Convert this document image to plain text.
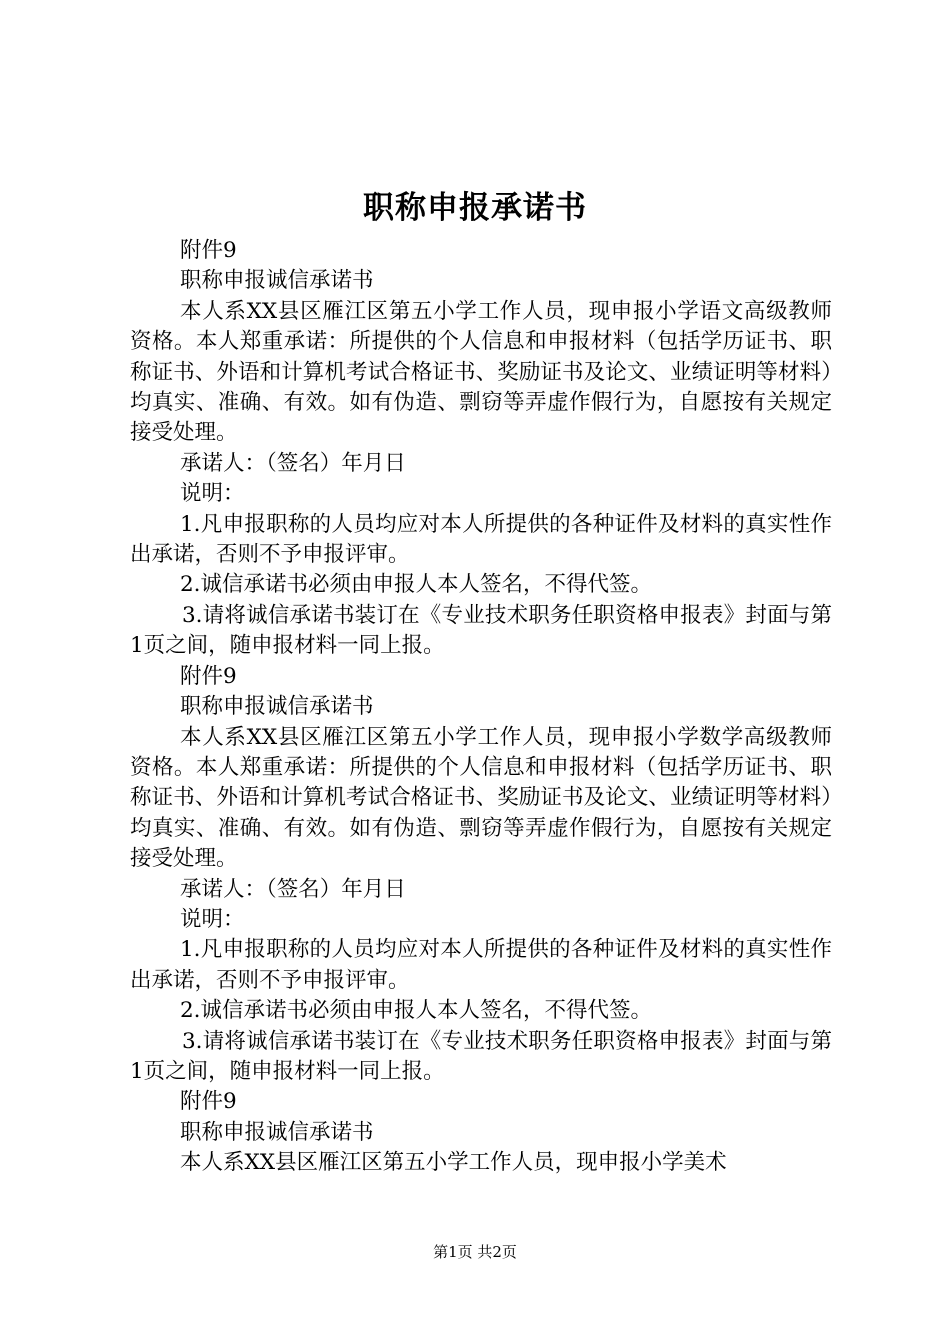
职称申报承诺书

附件9

职称申报诚信承诺书

本人系XX县区雁江区第五小学工作人员，现申报小学语文高级教师资格。本人郑重承诺：所提供的个人信息和申报材料（包括学历证书、职称证书、外语和计算机考试合格证书、奖励证书及论文、业绩证明等材料）均真实、准确、有效。如有伪造、剽窃等弄虚作假行为，自愿按有关规定接受处理。

承诺人：（签名）年月日

说明：

1.凡申报职称的人员均应对本人所提供的各种证件及材料的真实性作出承诺，否则不予申报评审。

2.诚信承诺书必须由申报人本人签名，不得代签。

3.请将诚信承诺书装订在《专业技术职务任职资格申报表》封面与第1页之间，随申报材料一同上报。

附件9

职称申报诚信承诺书

本人系XX县区雁江区第五小学工作人员，现申报小学数学高级教师资格。本人郑重承诺：所提供的个人信息和申报材料（包括学历证书、职称证书、外语和计算机考试合格证书、奖励证书及论文、业绩证明等材料）均真实、准确、有效。如有伪造、剽窃等弄虚作假行为，自愿按有关规定接受处理。

承诺人：（签名）年月日

说明：

1.凡申报职称的人员均应对本人所提供的各种证件及材料的真实性作出承诺，否则不予申报评审。

2.诚信承诺书必须由申报人本人签名，不得代签。

3.请将诚信承诺书装订在《专业技术职务任职资格申报表》封面与第1页之间，随申报材料一同上报。

附件9

职称申报诚信承诺书

本人系XX县区雁江区第五小学工作人员，现申报小学美术

第1页 共2页
